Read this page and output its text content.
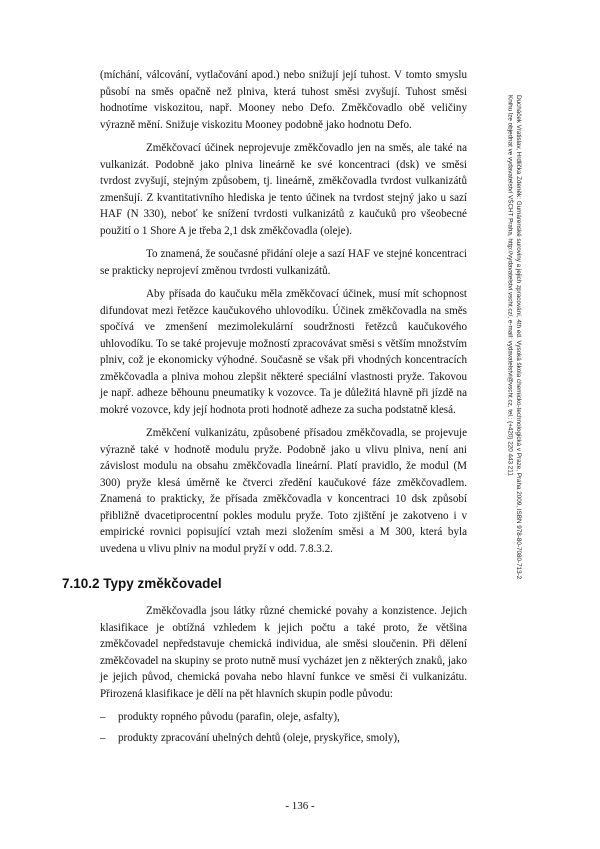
(míchání, válcování, vytlačování apod.) nebo snižují její tuhost. V tomto smyslu působí na směs opačně než plniva, která tuhost směsi zvyšují. Tuhost směsi hodnotíme viskozitou, např. Mooney nebo Defo. Změkčovadlo obě veličiny výrazně mění. Snižuje viskozitu Mooney podobně jako hodnotu Defo.

Změkčovací účinek neprojevuje změkčovadlo jen na směs, ale také na vulkanizát. Podobně jako plniva lineárně ke své koncentraci (dsk) ve směsi tvrdost zvyšují, stejným způsobem, tj. lineárně, změkčovadla tvrdost vulkanizátů zmenšují. Z kvantitativního hlediska je tento účinek na tvrdost stejný jako u sazí HAF (N 330), neboť ke snížení tvrdosti vulkanizátů z kaučuků pro všeobecné použití o 1 Shore A je třeba 2,1 dsk změkčovadla (oleje).

To znamená, že současné přidání oleje a sazí HAF ve stejné koncentraci se prakticky neprojeví změnou tvrdosti vulkanizátů.

Aby přísada do kaučuku měla změkčovací účinek, musí mít schopnost difundovat mezi řetězce kaučukového uhlovodíku. Účinek změkčovadla na směs spočívá ve zmenšení mezimolekulární soudržnosti řetězců kaučukového uhlovodíku. To se také projevuje možností zpracovávat směsi s větším množstvím plniv, což je ekonomicky výhodné. Současně se však při vhodných koncentracích změkčovadla a plniva mohou zlepšit některé speciální vlastnosti pryže. Takovou je např. adheze běhounu pneumatiky k vozovce. Ta je důležitá hlavně při jízdě na mokré vozovce, kdy její hodnota proti hodnotě adheze za sucha podstatně klesá.

Změkčení vulkanizátu, způsobené přísadou změkčovadla, se projevuje výrazně také v hodnotě modulu pryže. Podobně jako u vlivu plniva, není ani závislost modulu na obsahu změkčovadla lineární. Platí pravidlo, že modul (M 300) pryže klesá úměrně ke čtverci zředění kaučukové fáze změkčovadlem. Znamená to prakticky, že přísada změkčovadla v koncentraci 10 dsk způsobí přibližně dvacetiprocentní pokles modulu pryže. Toto zjištění je zakotveno i v empirické rovnici popisující vztah mezi složením směsi a M 300, která byla uvedena u vlivu plniv na modul pryží v odd. 7.8.3.2.

7.10.2 Typy změkčovadel

Změkčovadla jsou látky různé chemické povahy a konzistence. Jejich klasifikace je obtížná vzhledem k jejich počtu a také proto, že většina změkčovadel nepředstavuje chemická individua, ale směsi sloučenin. Při dělení změkčovadel na skupiny se proto nutně musí vycházet jen z některých znaků, jako je jejich původ, chemická povaha nebo hlavní funkce ve směsi či vulkanizátu. Přirozená klasifikace je dělí na pět hlavních skupin podle původu:

– produkty ropného původu (parafin, oleje, asfalty),
– produkty zpracování uhelných dehtů (oleje, pryskyřice, smoly),
Ducháček Vratislav, Hrdlička Zdeněk: Gumárenské suroviny a jejich zpracování, 4th ed. Vysoká škola chemicko-technologická v Praze, Praha 2009, ISBN 978-80-7080-713-2
Knihu lze objednat ve vydavatelství VŠCHT Praha, http://vydavatelstvi.vscht.cz/, e-mail: vydavatelstvi@vscht.cz, tel.: (+420) 220 443 211
- 136 -
